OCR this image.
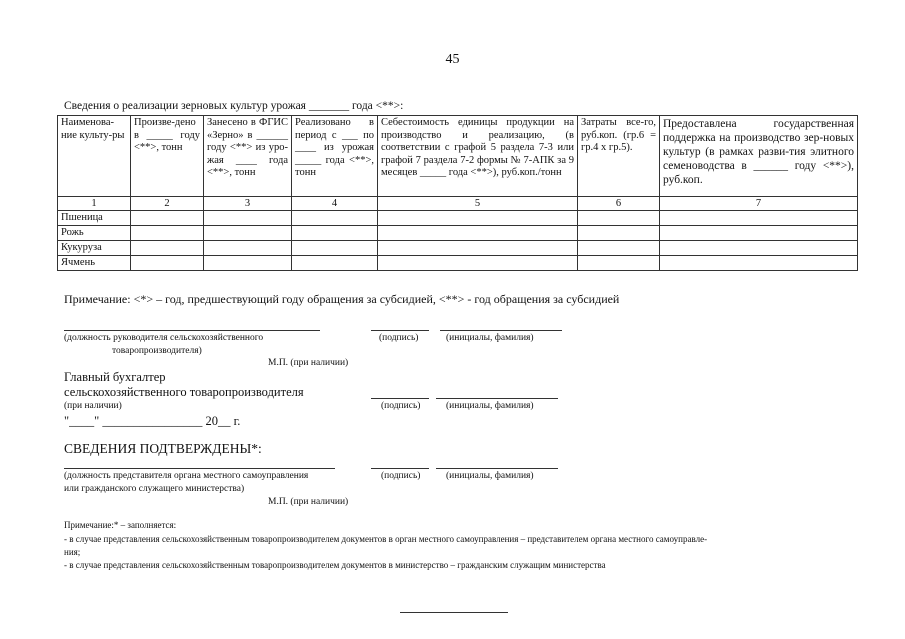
45
Сведения о реализации зерновых культур урожая _______ года <**>:
Наименова-ние культу-ры	Произве-дено в _____ году <**>, тонн	Занесено в ФГИС «Зерно» в ______ году <**> из уро-жая ____ года <**>, тонн	Реализовано в период с ___ по ____ из урожая _____ года <**>, тонн	Себестоимость единицы продукции на производство и реализацию, (в соответствии с графой 5 раздела 7-3 или графой 7 раздела 7-2 формы № 7-АПК за 9 месяцев _____ года <**>), руб.коп./тонн	Затраты все-го, руб.коп. (гр.6 = гр.4 х гр.5).	Предоставлена государственная поддержка на производство зер-новых культур (в рамках разви-тия элитного семеноводства в ______ году <**>), руб.коп.
1	2	3	4	5	6	7
Пшеница						
Рожь						
Кукуруза						
Ячмень						
Примечание: <*> – год, предшествующий году обращения за субсидией, <**> - год обращения за субсидией
(должность руководителя сельскохозяйственного
товаропроизводителя)
(подпись)	(инициалы, фамилия)
М.П. (при наличии)
Главный бухгалтер
сельскохозяйственного товаропроизводителя
(при наличии)	(подпись)	(инициалы, фамилия)
"____" ________________ 20__ г.
СВЕДЕНИЯ ПОДТВЕРЖДЕНЫ*:
(должность представителя органа местного самоуправления
или гражданского служащего министерства)
(подпись)	(инициалы, фамилия)
М.П. (при наличии)
Примечание:* – заполняется:
- в случае представления сельскохозяйственным товаропроизводителем документов в орган местного самоуправления – представителем органа местного самоуправле-
ния;
- в случае представления сельскохозяйственным товаропроизводителем документов в министерство – гражданским служащим министерства
